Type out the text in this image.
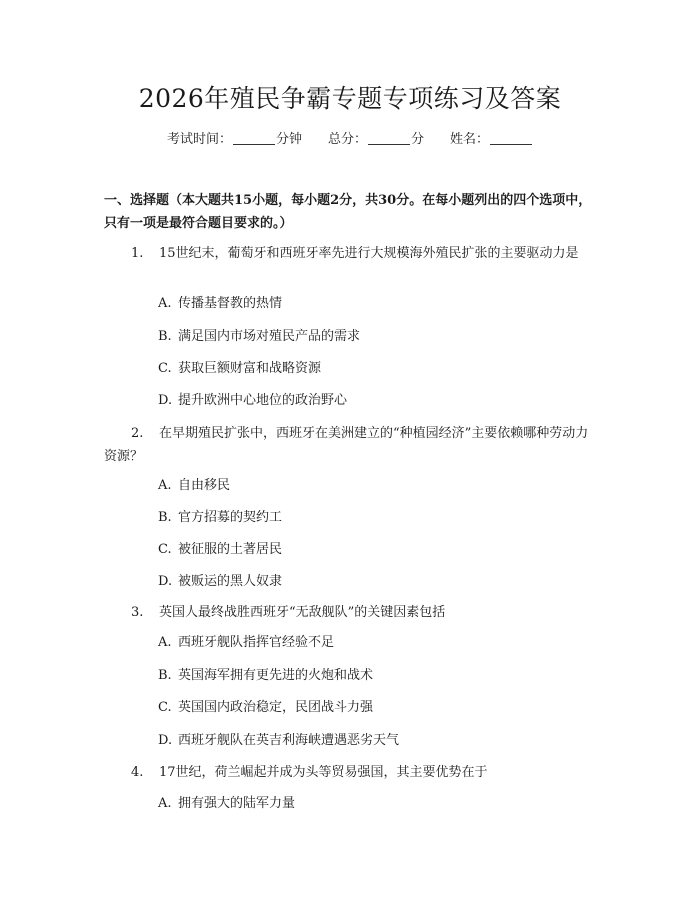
2026年殖民争霸专题专项练习及答案
考试时间：	分钟 总分：	分 姓名：
一、选择题（本大题共15小题，每小题2分，共30分。在每小题列出的四个选项中，只有一项是最符合题目要求的。）
1. 15世纪末，葡萄牙和西班牙率先进行大规模海外殖民扩张的主要驱动力是
A. 传播基督教的热情
B. 满足国内市场对殖民产品的需求
C. 获取巨额财富和战略资源
D. 提升欧洲中心地位的政治野心
2. 在早期殖民扩张中，西班牙在美洲建立的“种植园经济”主要依赖哪种劳动力资源？
A. 自由移民
B. 官方招募的契约工
C. 被征服的土著居民
D. 被贩运的黑人奴隶
3. 英国人最终战胜西班牙“无敌舰队”的关键因素包括
A. 西班牙舰队指挥官经验不足
B. 英国海军拥有更先进的火炮和战术
C. 英国国内政治稳定，民团战斗力强
D. 西班牙舰队在英吉利海峡遭遇恶劣天气
4. 17世纪，荷兰崛起并成为头等贸易强国，其主要优势在于
A. 拥有强大的陆军力量
